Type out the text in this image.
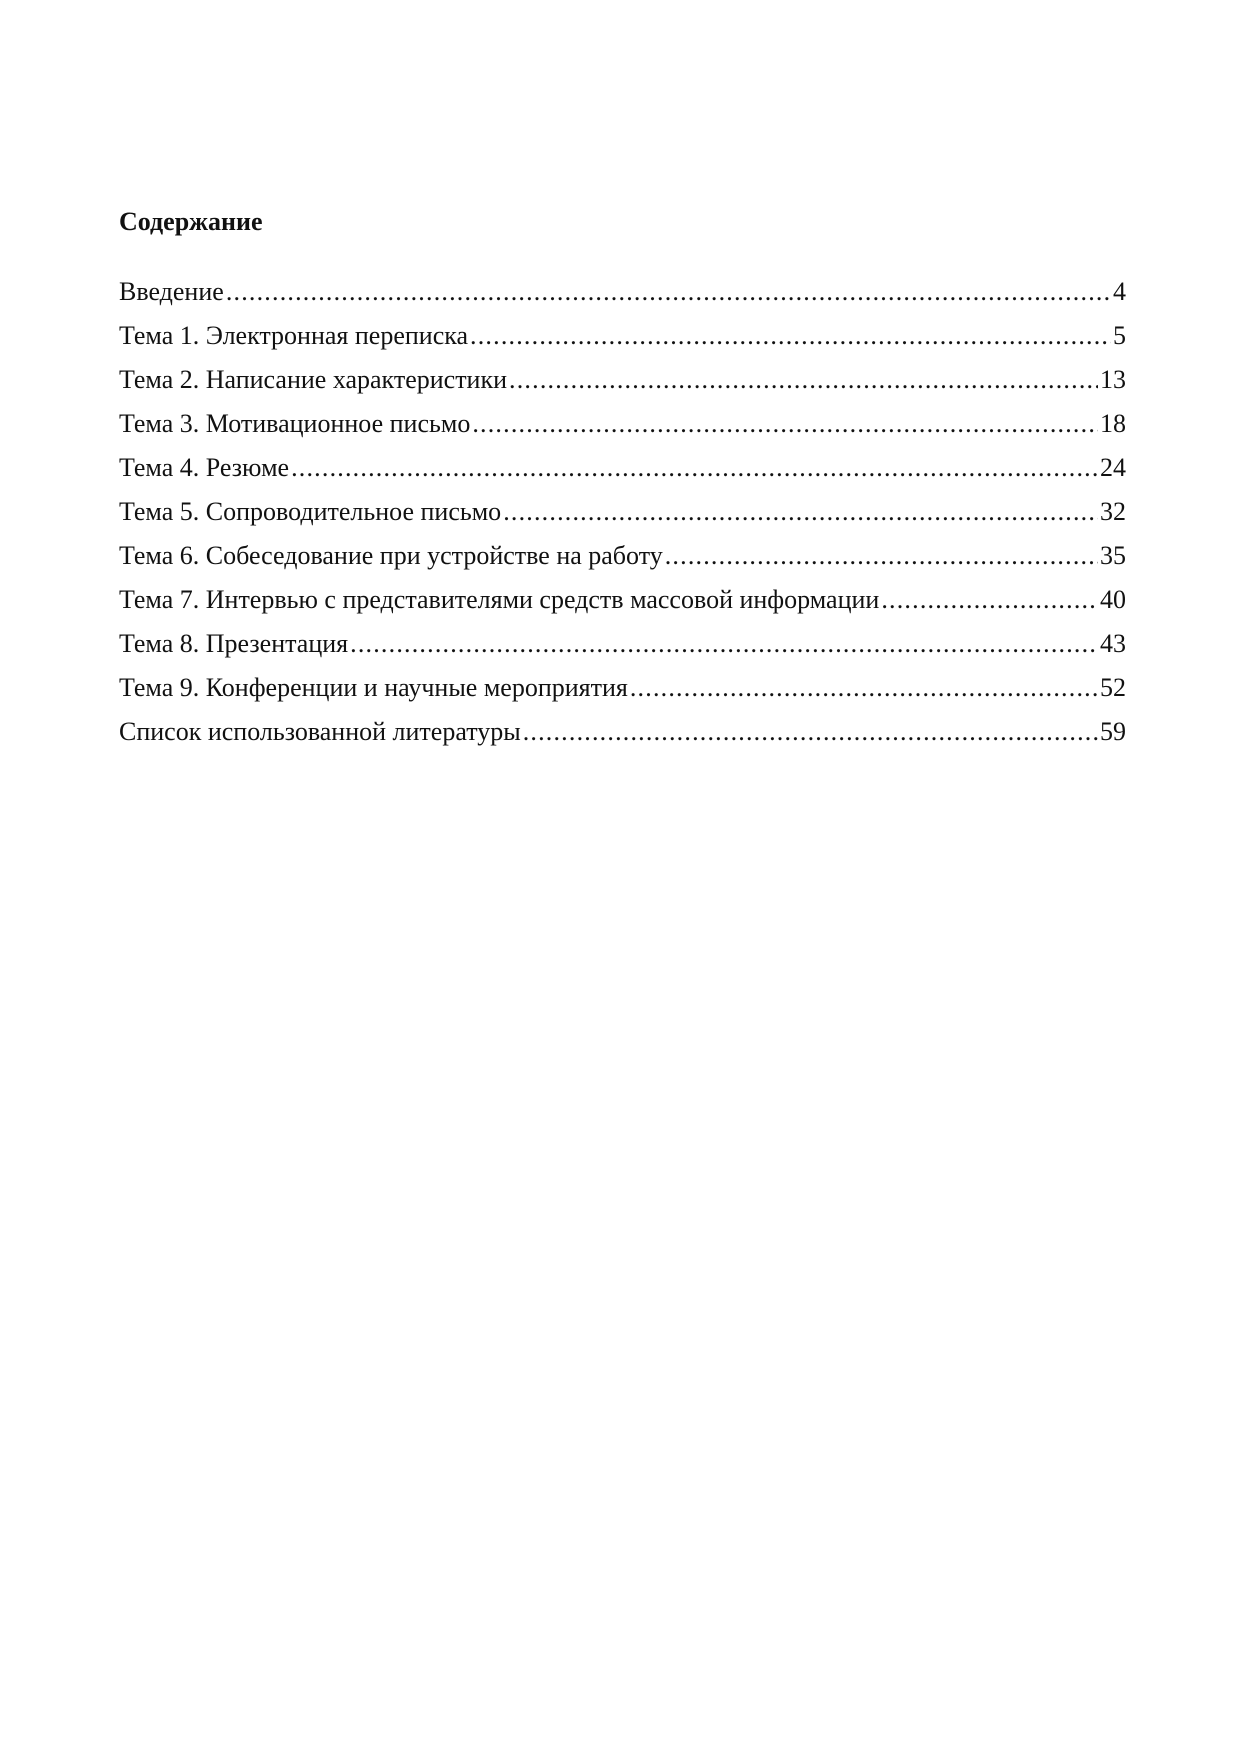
Содержание
Введение .....	4
Тема 1. Электронная переписка .....	5
Тема 2. Написание характеристики .....	13
Тема 3. Мотивационное письмо .....	18
Тема 4. Резюме .....	24
Тема 5. Сопроводительное письмо .....	32
Тема 6. Собеседование при устройстве на работу .....	35
Тема 7. Интервью с представителями средств массовой информации .....	40
Тема 8. Презентация .....	43
Тема 9. Конференции и научные мероприятия .....	52
Список использованной литературы .....	59
